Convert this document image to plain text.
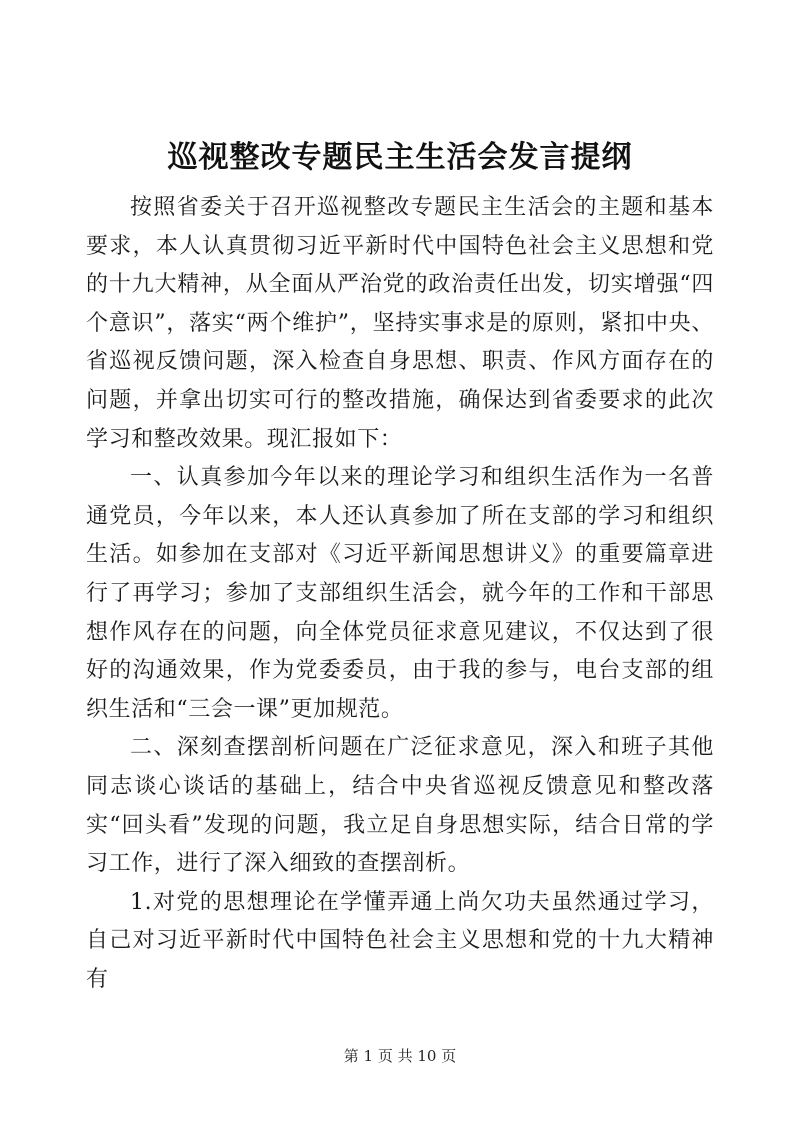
巡视整改专题民主生活会发言提纲

按照省委关于召开巡视整改专题民主生活会的主题和基本要求，本人认真贯彻习近平新时代中国特色社会主义思想和党的十九大精神，从全面从严治党的政治责任出发，切实增强“四个意识”，落实“两个维护”，坚持实事求是的原则，紧扣中央、省巡视反馈问题，深入检查自身思想、职责、作风方面存在的问题，并拿出切实可行的整改措施，确保达到省委要求的此次学习和整改效果。现汇报如下：

一、认真参加今年以来的理论学习和组织生活作为一名普通党员，今年以来，本人还认真参加了所在支部的学习和组织生活。如参加在支部对《习近平新闻思想讲义》的重要篇章进行了再学习；参加了支部组织生活会，就今年的工作和干部思想作风存在的问题，向全体党员征求意见建议，不仅达到了很好的沟通效果，作为党委委员，由于我的参与，电台支部的组织生活和“三会一课”更加规范。

二、深刻查摆剖析问题在广泛征求意见，深入和班子其他同志谈心谈话的基础上，结合中央省巡视反馈意见和整改落实“回头看”发现的问题，我立足自身思想实际，结合日常的学习工作，进行了深入细致的查摆剖析。

1.对党的思想理论在学懂弄通上尚欠功夫虽然通过学习，自己对习近平新时代中国特色社会主义思想和党的十九大精神有

第 1 页 共 10 页
